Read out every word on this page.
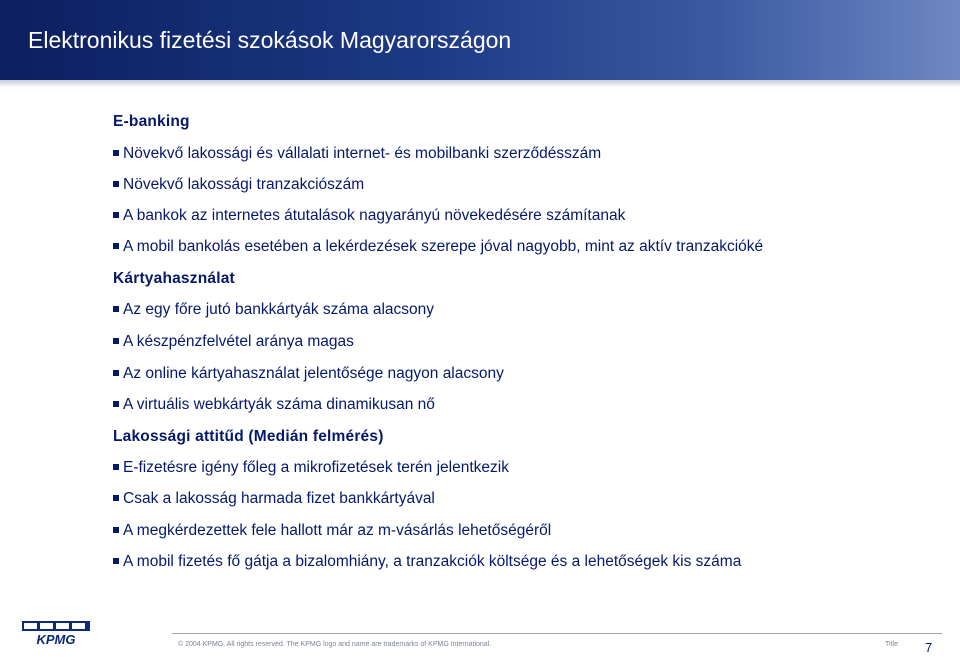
Elektronikus fizetési szokások Magyarországon
E-banking
Növekvő lakossági és vállalati internet- és mobilbanki szerződésszám
Növekvő lakossági tranzakciószám
A bankok az internetes átutalások nagyarányú növekedésére számítanak
A mobil bankolás esetében a lekérdezések szerepe jóval nagyobb, mint az aktív tranzakcióké
Kártyahasználat
Az egy főre jutó bankkártyák száma alacsony
A készpénzfelvétel aránya magas
Az online kártyahasználat jelentősége nagyon alacsony
A virtuális webkártyák száma dinamikusan nő
Lakossági attitűd (Medián felmérés)
E-fizetésre igény főleg a mikrofizetések terén jelentkezik
Csak a lakosság harmada fizet bankkártyával
A megkérdezettek fele hallott már az m-vásárlás lehetőségéről
A mobil fizetés fő gátja a bizalomhiány, a tranzakciók költsége és a lehetőségek kis száma
KPMG	© 2004 KPMG. All rights reserved. The KPMG logo and name are trademarks of KPMG International.	Title 7
